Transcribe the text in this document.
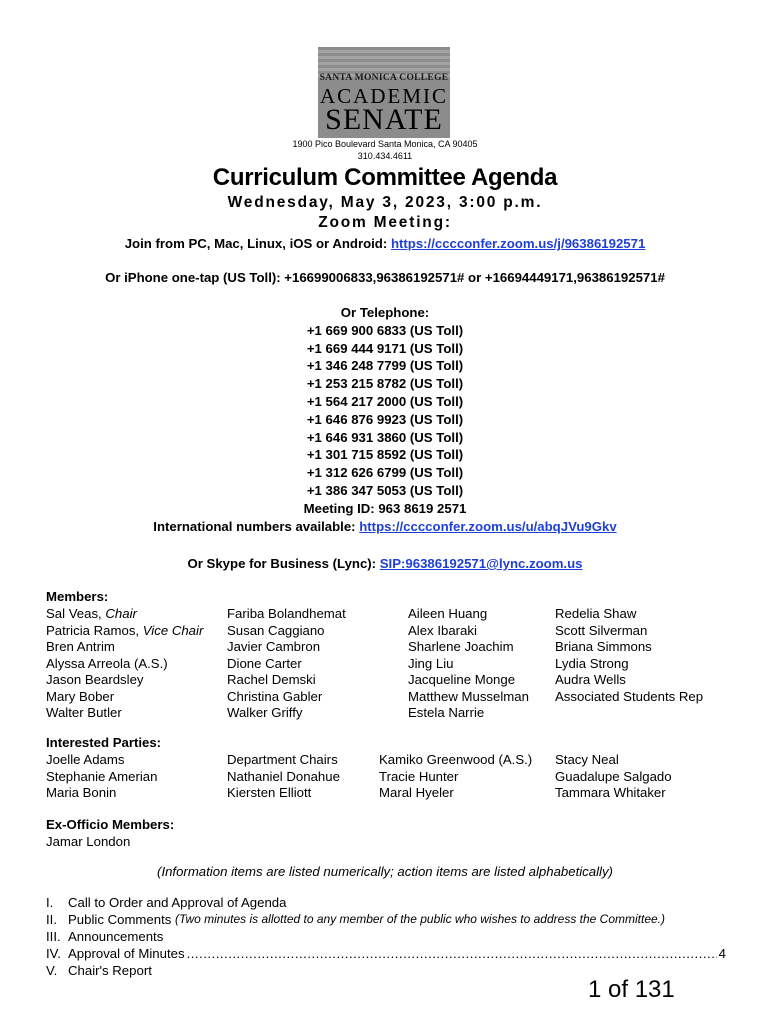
SANTA MONICA COLLEGE
ACADEMIC
SENATE
1900 Pico Boulevard Santa Monica, CA 90405
310.434.4611
Curriculum Committee Agenda
Wednesday, May 3, 2023, 3:00 p.m.
Zoom Meeting:
Join from PC, Mac, Linux, iOS or Android: https://cccconfer.zoom.us/j/96386192571
Or iPhone one-tap (US Toll): +16699006833,96386192571# or +16694449171,96386192571#
Or Telephone:
+1 669 900 6833 (US Toll)
+1 669 444 9171 (US Toll)
+1 346 248 7799 (US Toll)
+1 253 215 8782 (US Toll)
+1 564 217 2000 (US Toll)
+1 646 876 9923 (US Toll)
+1 646 931 3860 (US Toll)
+1 301 715 8592 (US Toll)
+1 312 626 6799 (US Toll)
+1 386 347 5053 (US Toll)
Meeting ID: 963 8619 2571
International numbers available: https://cccconfer.zoom.us/u/abqJVu9Gkv
Or Skype for Business (Lync): SIP:96386192571@lync.zoom.us
Members:
Sal Veas, Chair
Patricia Ramos, Vice Chair
Bren Antrim
Alyssa Arreola (A.S.)
Jason Beardsley
Mary Bober
Walter Butler
Fariba Bolandhemat
Susan Caggiano
Javier Cambron
Dione Carter
Rachel Demski
Christina Gabler
Walker Griffy
Aileen Huang
Alex Ibaraki
Sharlene Joachim
Jing Liu
Jacqueline Monge
Matthew Musselman
Estela Narrie
Redelia Shaw
Scott Silverman
Briana Simmons
Lydia Strong
Audra Wells
Associated Students Rep
Interested Parties:
Joelle Adams
Stephanie Amerian
Maria Bonin
Department Chairs
Nathaniel Donahue
Kiersten Elliott
Kamiko Greenwood (A.S.)
Tracie Hunter
Maral Hyeler
Stacy Neal
Guadalupe Salgado
Tammara Whitaker
Ex-Officio Members:
Jamar London
(Information items are listed numerically; action items are listed alphabetically)
I.	Call to Order and Approval of Agenda
II. Public Comments
(Two minutes is allotted to any member of the public who wishes to address the Committee.)
III. Announcements
IV. Approval of Minutes
.....	4
V. Chair's Report
1 of 131
